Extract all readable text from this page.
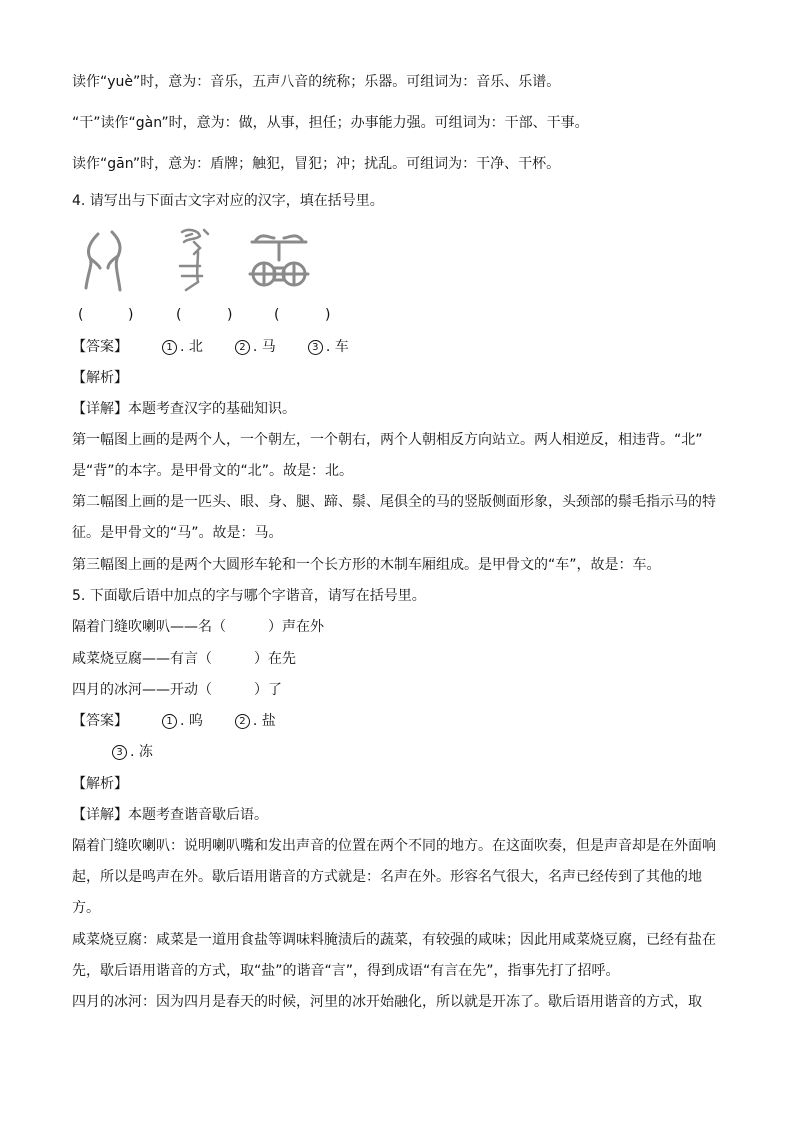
读作“yuè”时，意为：音乐，五声八音的统称；乐器。可组词为：音乐、乐谱。
“干”读作“gàn”时，意为：做，从事，担任；办事能力强。可组词为：干部、干事。
读作“gān”时，意为：盾牌；触犯，冒犯；冲；扰乱。可组词为：干净、干杯。
4. 请写出与下面古文字对应的汉字，填在括号里。
(	)	(	)	(	)
【答案】	1 . 北	2 . 马	3 . 车
【解析】
【详解】本题考查汉字的基础知识。
第一幅图上画的是两个人，一个朝左，一个朝右，两个人朝相反方向站立。两人相逆反，相违背。“北”
是“背”的本字。是甲骨文的“北”。故是：北。
第二幅图上画的是一匹头、眼、身、腿、蹄、鬃、尾俱全的马的竖版侧面形象，头颈部的鬃毛指示马的特
征。是甲骨文的“马”。故是：马。
第三幅图上画的是两个大圆形车轮和一个长方形的木制车厢组成。是甲骨文的“车”，故是：车。
5. 下面歇后语中加点的字与哪个字谐音，请写在括号里。
隔着门缝吹喇叭——名（　　　）声在外
咸菜烧豆腐——有言（　　　）在先
四月的冰河——开动（　　　）了
【答案】	1 . 呜	2 . 盐
3 . 冻
【解析】
【详解】本题考查谐音歇后语。
隔着门缝吹喇叭：说明喇叭嘴和发出声音的位置在两个不同的地方。在这面吹奏，但是声音却是在外面响
起，所以是鸣声在外。歇后语用谐音的方式就是：名声在外。形容名气很大，名声已经传到了其他的地
方。
咸菜烧豆腐：咸菜是一道用食盐等调味料腌渍后的蔬菜，有较强的咸味；因此用咸菜烧豆腐，已经有盐在
先，歇后语用谐音的方式，取“盐”的谐音“言”，得到成语“有言在先”，指事先打了招呼。
四月的冰河：因为四月是春天的时候，河里的冰开始融化，所以就是开冻了。歇后语用谐音的方式，取
